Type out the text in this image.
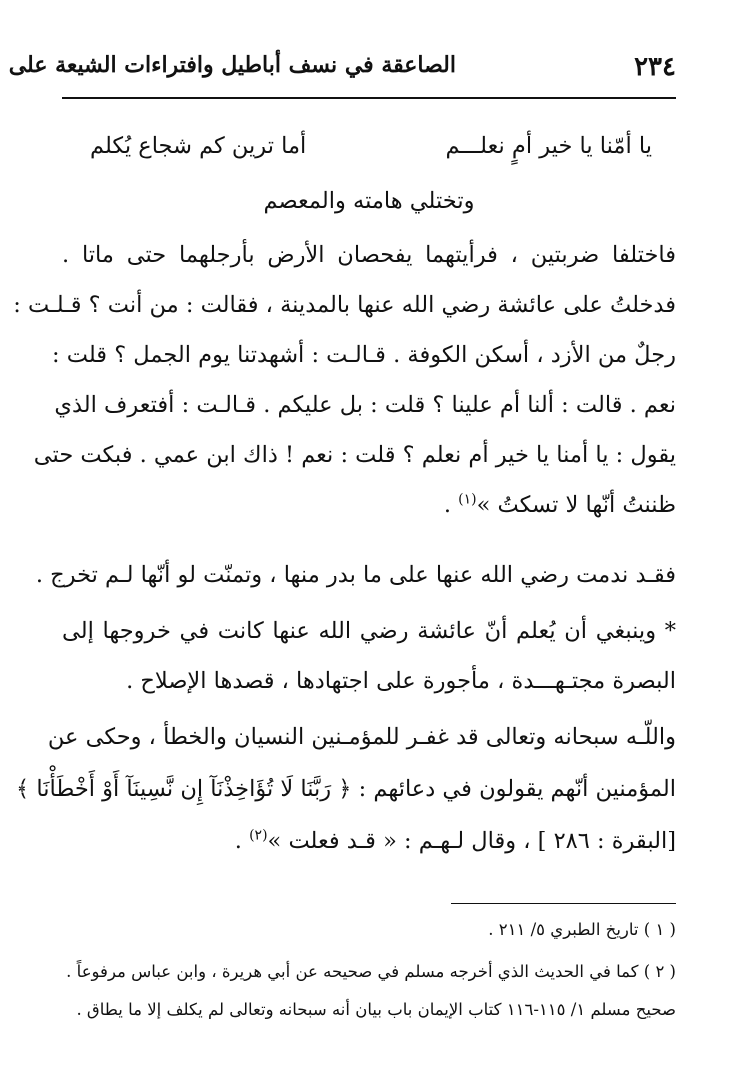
٢٣٤
الصاعقة في نسف أباطيل وافتراءات الشيعة على
يا أمّنا يا خير أمٍ نعلـــم
أما ترين كم شجاع يُكلم
وتختلي هامته والمعصم
فاختلفا ضربتين ، فرأيتهما يفحصان الأرض بأرجلهما حتى ماتا .
فدخلتُ على عائشة رضي الله عنها بالمدينة ، فقالت : من أنت ؟ قـلـت :
رجلٌ من الأزد ، أسكن الكوفة . قـالـت : أشهدتنا يوم الجمل ؟ قلت :
نعم . قالت : ألنا أم علينا ؟ قلت : بل عليكم . قـالـت : أفتعرف الذي
يقول : يا أمنا يا خير أم نعلم ؟ قلت : نعم ! ذاك ابن عمي . فبكت حتى
ظننتُ أنّها لا تسكتُ »$^{(١)}$ .
فقـد ندمت رضي الله عنها على ما بدر منها ، وتمنّت لو أنّها لـم تخرج .
* وينبغي أن يُعلم أنّ عائشة رضي الله عنها كانت في خروجها إلى
البصرة مجتـهـــدة ، مأجورة على اجتهادها ، قصدها الإصلاح .
واللّـه سبحانه وتعالى قد غفـر للمؤمـنين النسيان والخطأ ، وحكى عن
المؤمنين أنّهم يقولون في دعائهم : ﴿ رَبَّنَا لَا تُؤَاخِذْنَآ إِن نَّسِينَآ أَوْ أَخْطَأْنَا ﴾
[البقرة : ٢٨٦ ] ، وقال لـهـم : « قـد فعلت »$^{(٢)}$ .
( ١ ) تاريخ الطبري ٥/ ٢١١ .
( ٢ ) كما في الحديث الذي أخرجه مسلم في صحيحه عن أبي هريرة ، وابن عباس مرفوعاً .
صحيح مسلم ١/ ١١٥-١١٦ كتاب الإيمان باب بيان أنه سبحانه وتعالى لم يكلف إلا ما يطاق .
